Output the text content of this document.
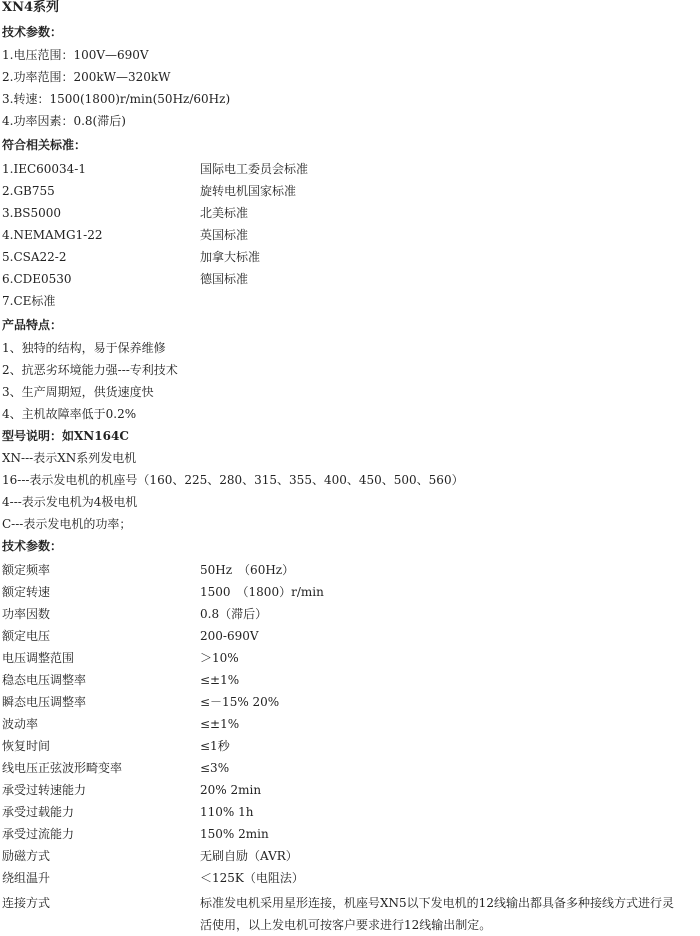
XN4系列
技术参数：
1.电压范围：100V—690V
2.功率范围：200kW—320kW
3.转速：1500(1800)r/min(50Hz/60Hz)
4.功率因素：0.8(滞后)
符合相关标准：
1.IEC60034-1	国际电工委员会标准
2.GB755	旋转电机国家标准
3.BS5000	北美标准
4.NEMAMG1-22	英国标准
5.CSA22-2	加拿大标准
6.CDE0530	德国标准
7.CE标准
产品特点：
1、独特的结构，易于保养维修
2、抗恶劣环境能力强---专利技术
3、生产周期短，供货速度快
4、主机故障率低于0.2%
型号说明：如XN164C
XN---表示XN系列发电机
16---表示发电机的机座号（160、225、280、315、355、400、450、500、560）
4---表示发电机为4极电机
C---表示发电机的功率；
技术参数：
额定频率	50Hz　（60Hz）
额定转速	1500　（1800）r/min
功率因数	0.8（滞后）
额定电压	200-690V
电压调整范围	＞10%
稳态电压调整率	≤±1%
瞬态电压调整率	≤－15% 20%
波动率	≤±1%
恢复时间	≤1秒
线电压正弦波形畸变率	≤3%
承受过转速能力	20% 2min
承受过载能力	110% 1h
承受过流能力	150% 2min
励磁方式	无刷自励（AVR）
绕组温升	＜125K（电阻法）
连接方式	标准发电机采用星形连接，机座号XN5以下发电机的12线输出都具备多种接线方式进行灵活使用，以上发电机可按客户要求进行12线输出制定。
